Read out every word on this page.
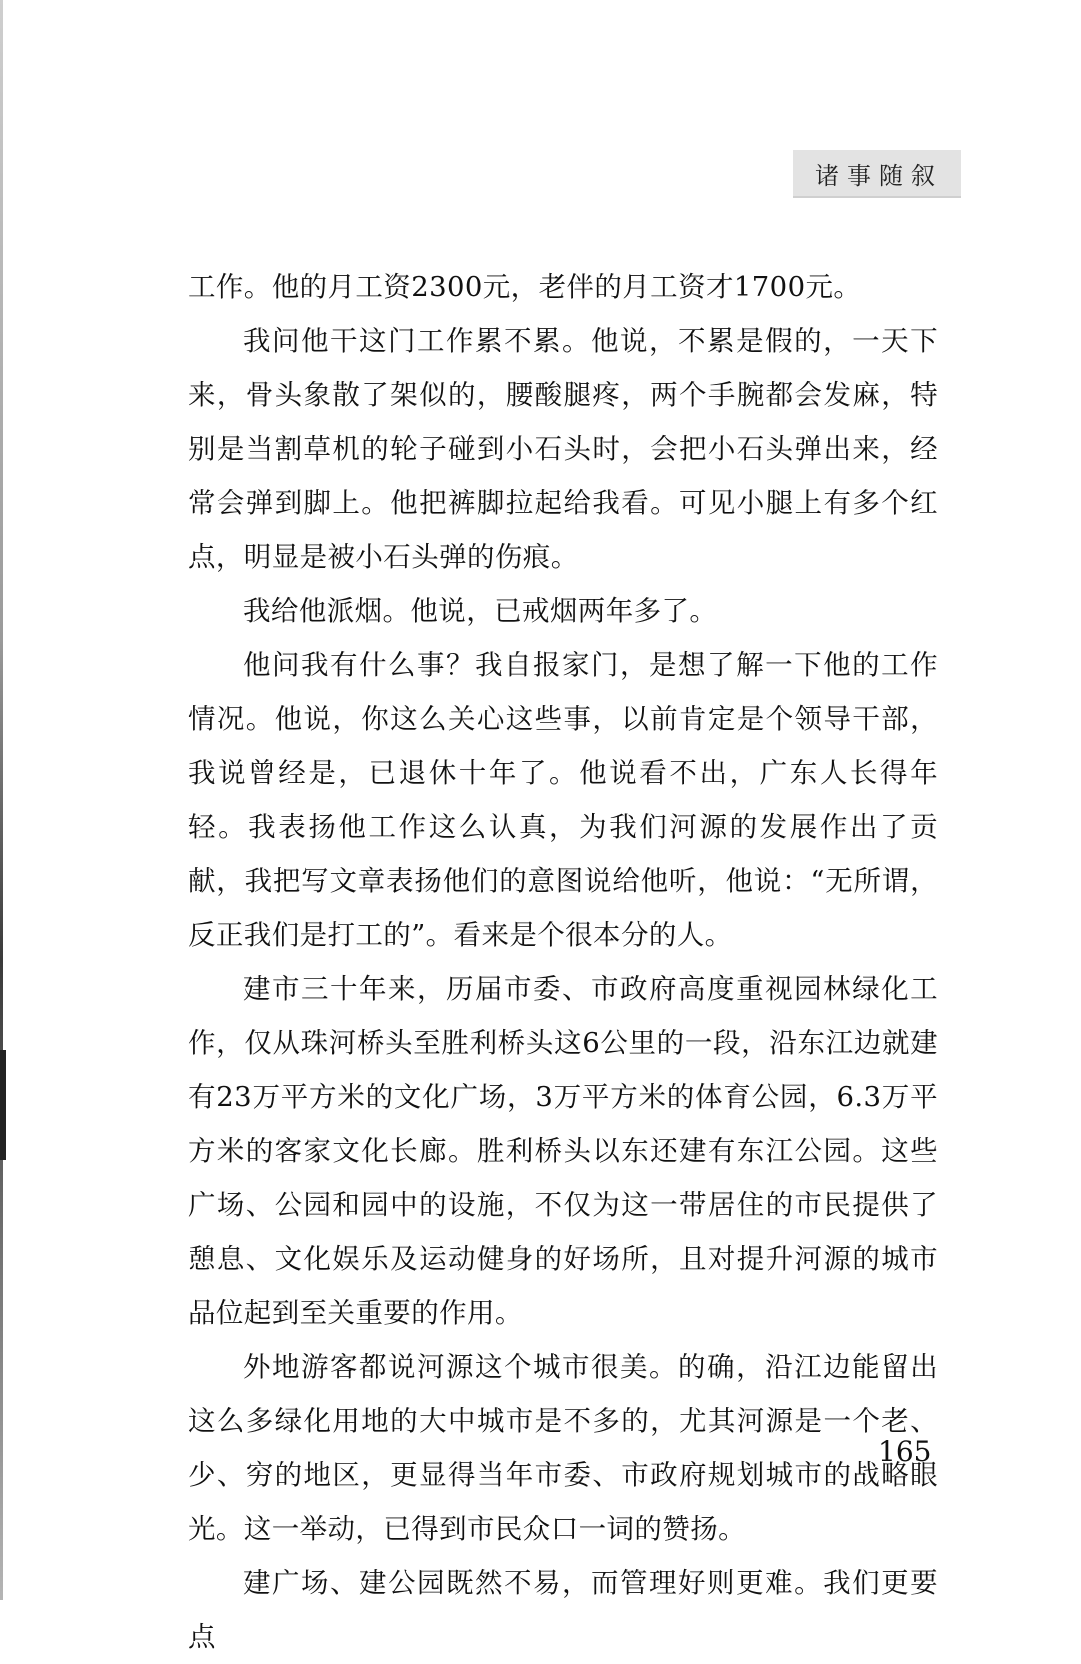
诸事随叙

工作。他的月工资2300元，老伴的月工资才1700元。

我问他干这门工作累不累。他说，不累是假的，一天下来，骨头象散了架似的，腰酸腿疼，两个手腕都会发麻，特别是当割草机的轮子碰到小石头时，会把小石头弹出来，经常会弹到脚上。他把裤脚拉起给我看。可见小腿上有多个红点，明显是被小石头弹的伤痕。

我给他派烟。他说，已戒烟两年多了。

他问我有什么事？我自报家门，是想了解一下他的工作情况。他说，你这么关心这些事，以前肯定是个领导干部，我说曾经是，已退休十年了。他说看不出，广东人长得年轻。我表扬他工作这么认真，为我们河源的发展作出了贡献，我把写文章表扬他们的意图说给他听，他说：“无所谓，反正我们是打工的”。看来是个很本分的人。

建市三十年来，历届市委、市政府高度重视园林绿化工作，仅从珠河桥头至胜利桥头这6公里的一段，沿东江边就建有23万平方米的文化广场，3万平方米的体育公园，6.3万平方米的客家文化长廊。胜利桥头以东还建有东江公园。这些广场、公园和园中的设施，不仅为这一带居住的市民提供了憩息、文化娱乐及运动健身的好场所，且对提升河源的城市品位起到至关重要的作用。

外地游客都说河源这个城市很美。的确，沿江边能留出这么多绿化用地的大中城市是不多的，尤其河源是一个老、少、穷的地区，更显得当年市委、市政府规划城市的战略眼光。这一举动，已得到市民众口一词的赞扬。

建广场、建公园既然不易，而管理好则更难。我们更要点

165
